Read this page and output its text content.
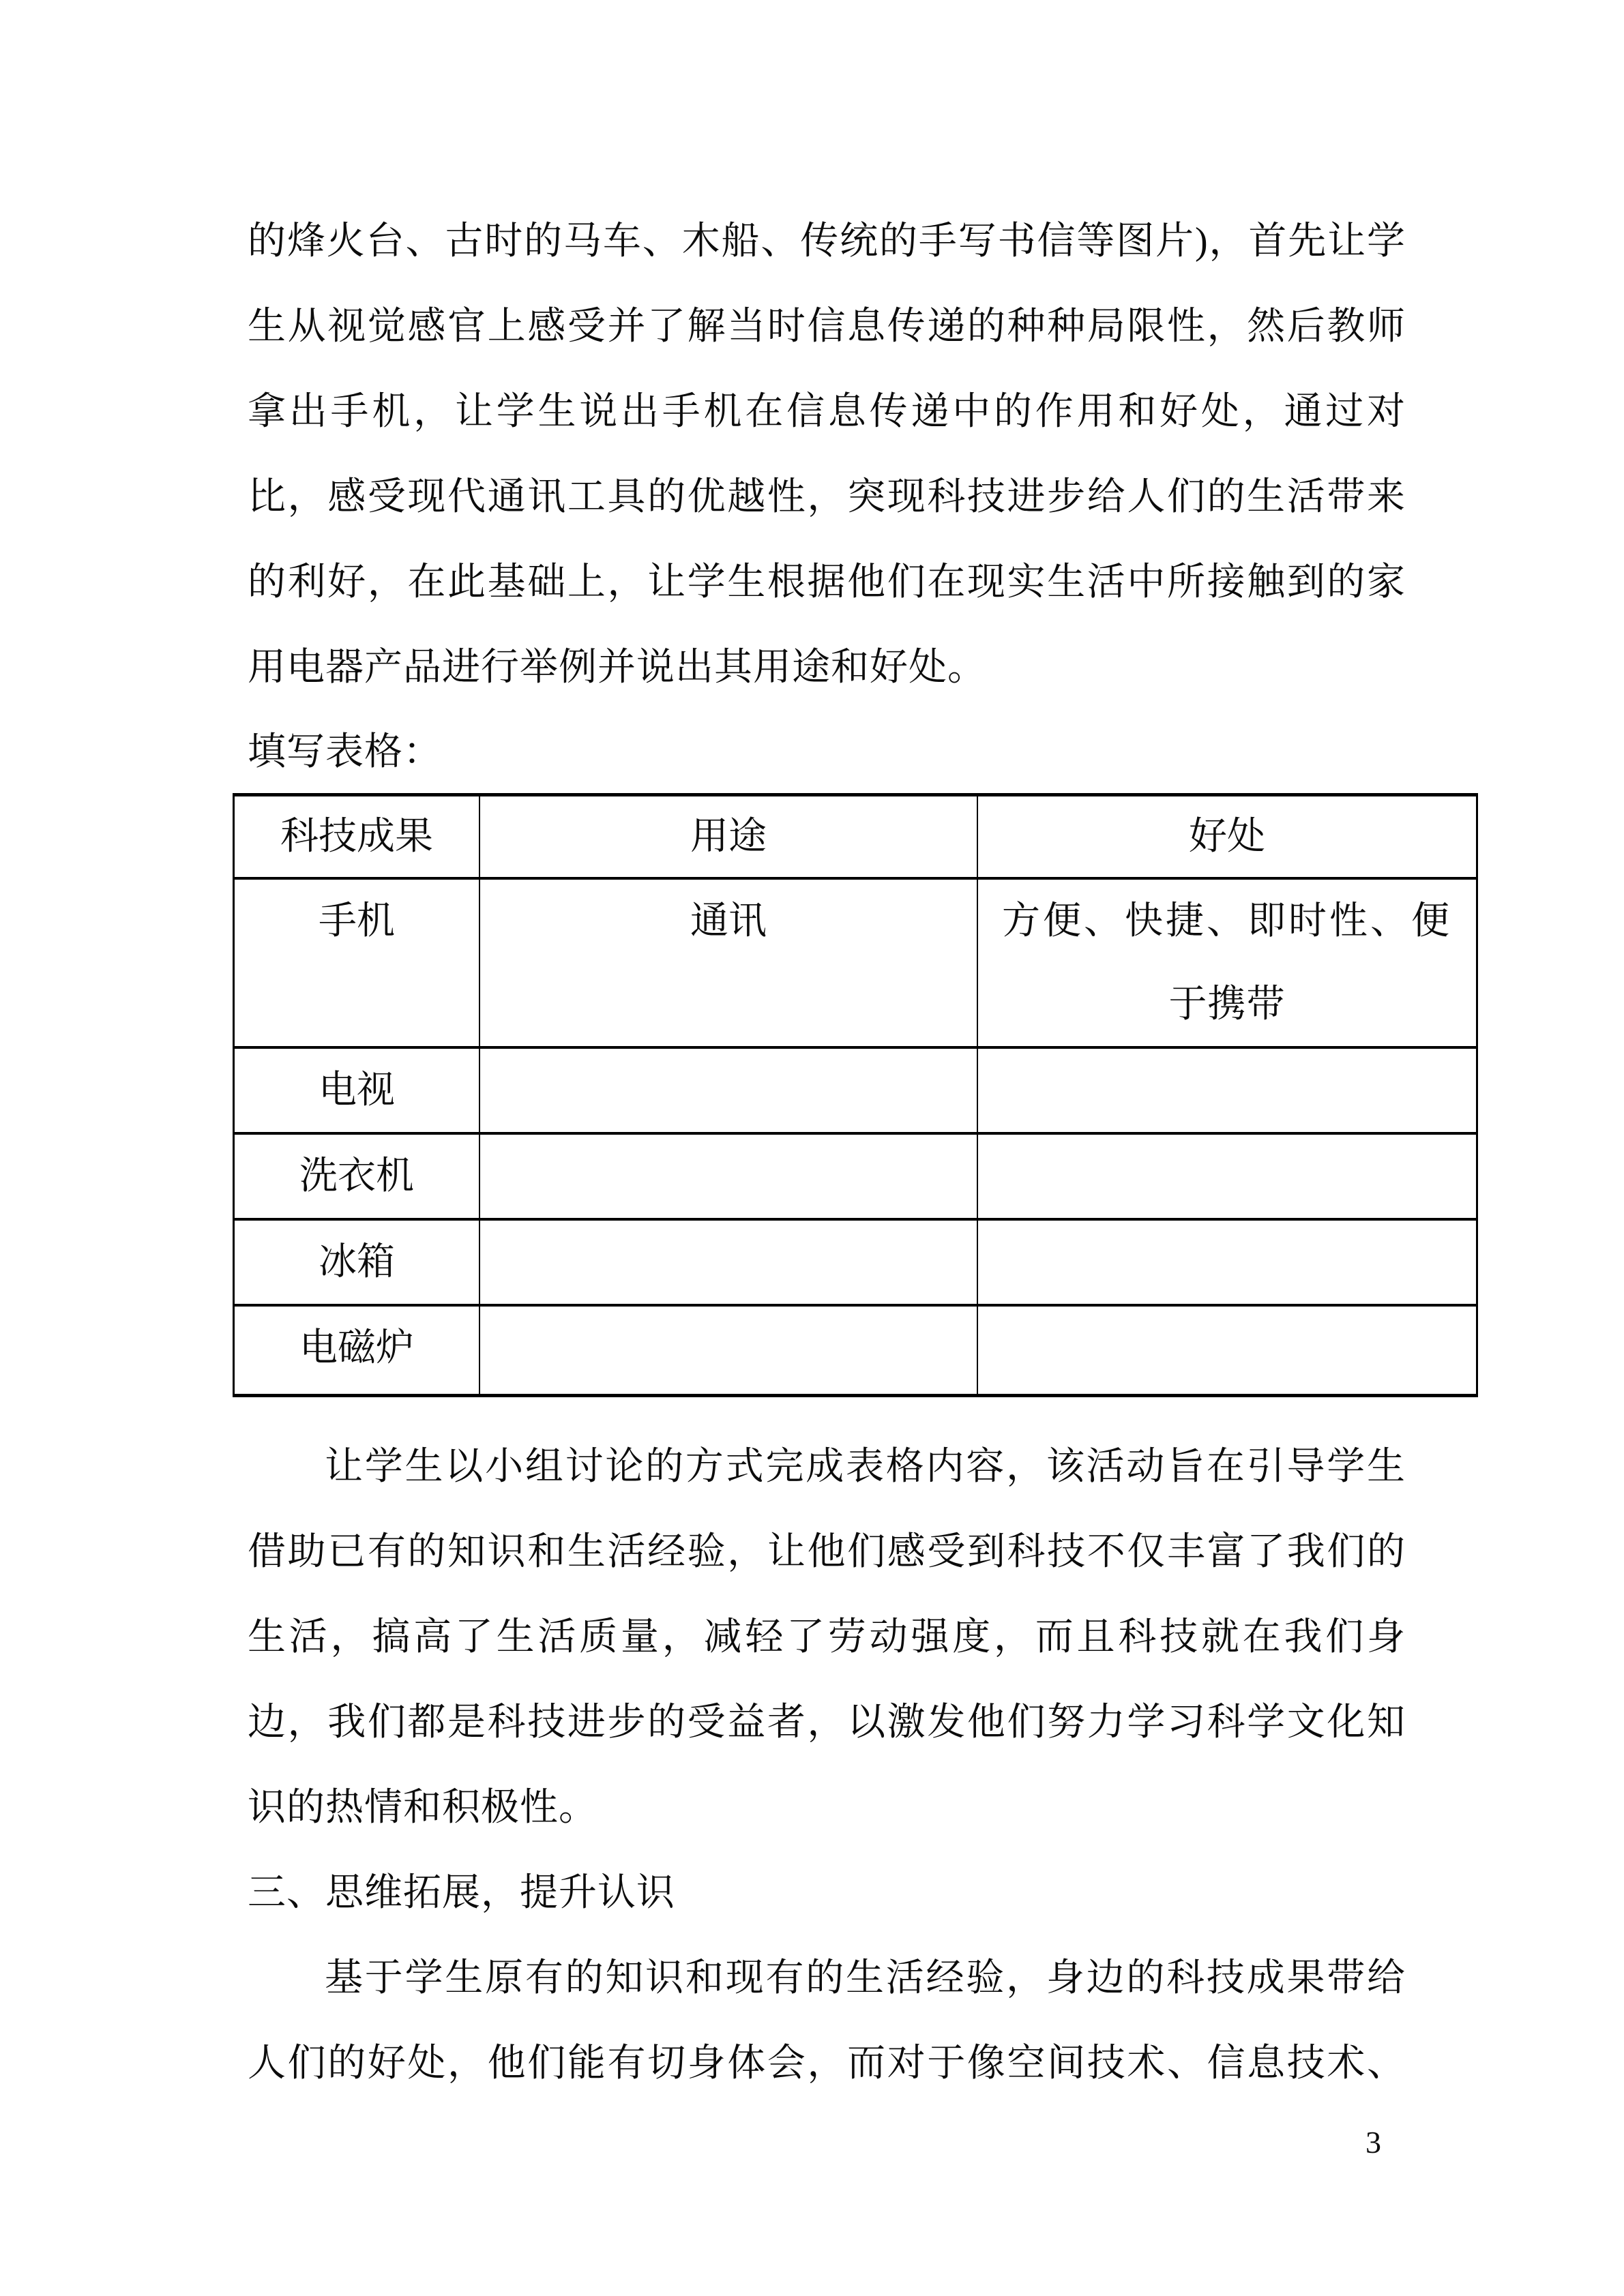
的烽火台、古时的马车、木船、传统的手写书信等图片)，首先让学
生从视觉感官上感受并了解当时信息传递的种种局限性，然后教师
拿出手机，让学生说出手机在信息传递中的作用和好处，通过对
比，感受现代通讯工具的优越性，突现科技进步给人们的生活带来
的利好，在此基础上，让学生根据他们在现实生活中所接触到的家
用电器产品进行举例并说出其用途和好处。
填写表格：
科技成果	用途	好处
手机	通讯	方便、快捷、即时性、便
于携带

电视		
洗衣机		
冰箱		
电磁炉		
让学生以小组讨论的方式完成表格内容，该活动旨在引导学生
借助已有的知识和生活经验，让他们感受到科技不仅丰富了我们的
生活，搞高了生活质量，减轻了劳动强度，而且科技就在我们身
边，我们都是科技进步的受益者，以激发他们努力学习科学文化知
识的热情和积极性。
三、思维拓展，提升认识
基于学生原有的知识和现有的生活经验，身边的科技成果带给
人们的好处，他们能有切身体会，而对于像空间技术、信息技术、
3
